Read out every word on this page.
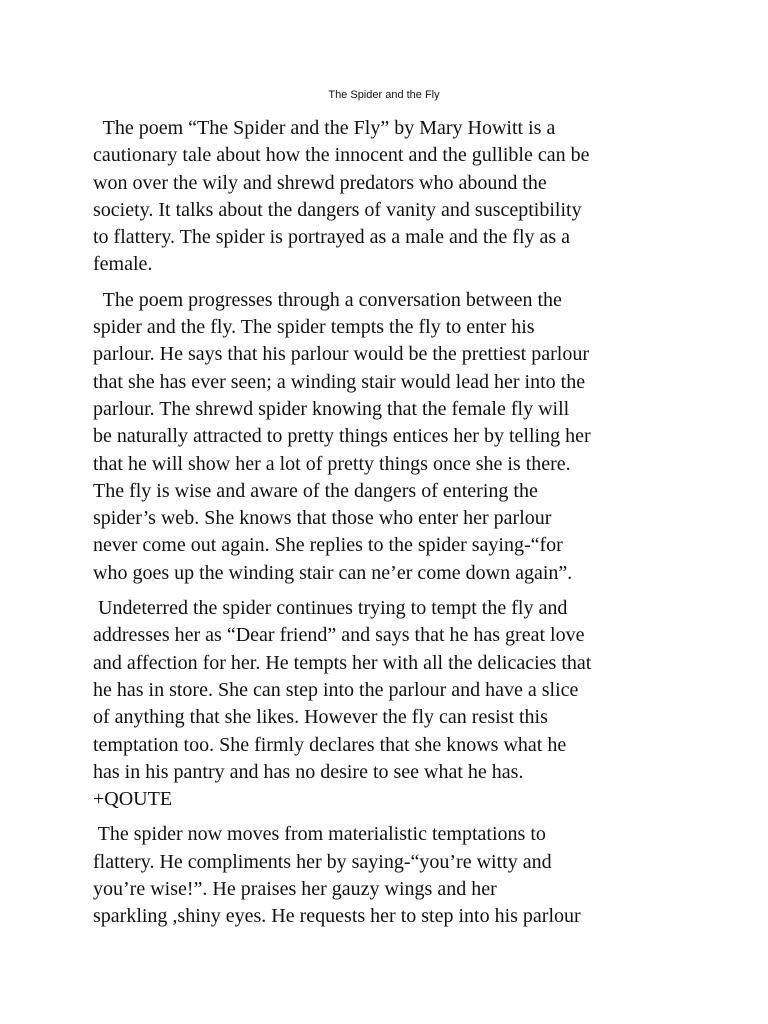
The Spider and the Fly

The poem “The Spider and the Fly” by Mary Howitt is a
cautionary tale about how the innocent and the gullible can be
won over the wily and shrewd predators who abound the
society. It talks about the dangers of vanity and susceptibility
to flattery. The spider is portrayed as a male and the fly as a
female.

The poem progresses through a conversation between the
spider and the fly. The spider tempts the fly to enter his
parlour. He says that his parlour would be the prettiest parlour
that she has ever seen; a winding stair would lead her into the
parlour. The shrewd spider knowing that the female fly will
be naturally attracted to pretty things entices her by telling her
that he will show her a lot of pretty things once she is there.
The fly is wise and aware of the dangers of entering the
spider’s web. She knows that those who enter her parlour
never come out again. She replies to the spider saying-“for
who goes up the winding stair can ne’er come down again”.

Undeterred the spider continues trying to tempt the fly and
addresses her as “Dear friend” and says that he has great love
and affection for her. He tempts her with all the delicacies that
he has in store. She can step into the parlour and have a slice
of anything that she likes. However the fly can resist this
temptation too. She firmly declares that she knows what he
has in his pantry and has no desire to see what he has.
+QOUTE

The spider now moves from materialistic temptations to
flattery. He compliments her by saying-“you’re witty and
you’re wise!”. He praises her gauzy wings and her
sparkling ,shiny eyes. He requests her to step into his parlour
